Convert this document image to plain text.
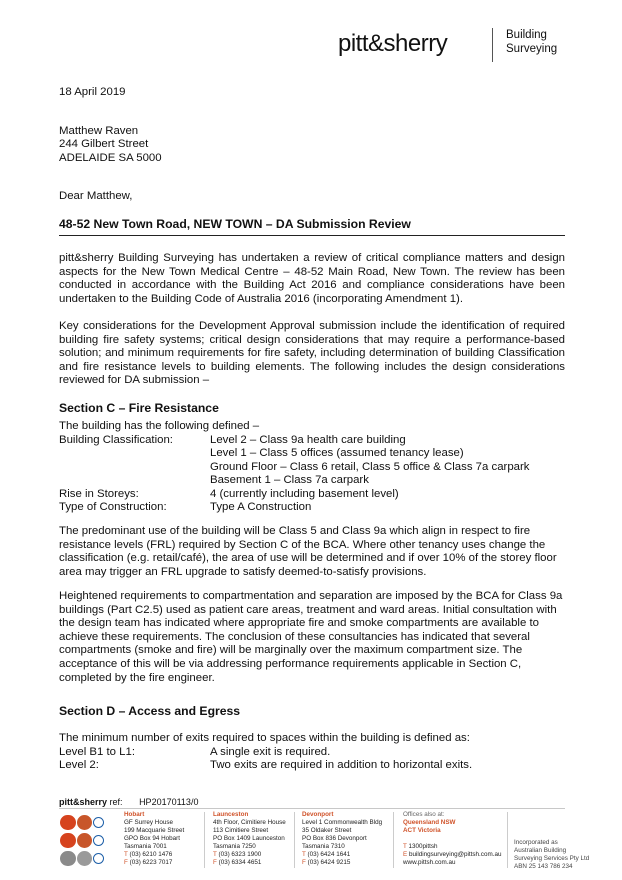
pitt&sherry	Building
Surveying
18 April 2019
Matthew Raven
244 Gilbert Street
ADELAIDE SA 5000
Dear Matthew,
48-52 New Town Road, NEW TOWN – DA Submission Review
pitt&sherry Building Surveying has undertaken a review of critical compliance matters and design aspects for the New Town Medical Centre – 48-52 Main Road, New Town. The review has been conducted in accordance with the Building Act 2016 and compliance considerations have been undertaken to the Building Code of Australia 2016 (incorporating Amendment 1).
Key considerations for the Development Approval submission include the identification of required building fire safety systems; critical design considerations that may require a performance-based solution; and minimum requirements for fire safety, including determination of building Classification and fire resistance levels to building elements. The following includes the design considerations reviewed for DA submission –
Section C – Fire Resistance
The building has the following defined –
Building Classification:	Level 2 – Class 9a health care building
Level 1 – Class 5 offices (assumed tenancy lease)
Ground Floor – Class 6 retail, Class 5 office & Class 7a carpark
Basement 1 – Class 7a carpark
Rise in Storeys:	4 (currently including basement level)
Type of Construction:	Type A Construction
The predominant use of the building will be Class 5 and Class 9a which align in respect to fire resistance levels (FRL) required by Section C of the BCA. Where other tenancy uses change the classification (e.g. retail/café), the area of use will be determined and if over 10% of the storey floor area may trigger an FRL upgrade to satisfy deemed-to-satisfy provisions.
Heightened requirements to compartmentation and separation are imposed by the BCA for Class 9a buildings (Part C2.5) used as patient care areas, treatment and ward areas. Initial consultation with the design team has indicated where appropriate fire and smoke compartments are available to achieve these requirements. The conclusion of these consultancies has indicated that several compartments (smoke and fire) will be marginally over the maximum compartment size. The acceptance of this will be via addressing performance requirements applicable in Section C, completed by the fire engineer.
Section D – Access and Egress
The minimum number of exits required to spaces within the building is defined as:
Level B1 to L1:	A single exit is required.
Level 2:	Two exits are required in addition to horizontal exits.
pitt&sherry ref: HP20170113/0
Hobart
GF Surrey House
199 Macquarie Street
GPO Box 94 Hobart
Tasmania 7001
T (03) 6210 1476
F (03) 6223 7017
Launceston
4th Floor, Cimitiere House
113 Cimitiere Street
PO Box 1409 Launceston
Tasmania 7250
T (03) 6323 1900
F (03) 6334 4651
Devonport
Level 1 Commonwealth Bldg
35 Oldaker Street
PO Box 836 Devonport
Tasmania 7310
T (03) 6424 1641
F (03) 6424 9215
Offices also at:
Queensland NSW
ACT Victoria

T 1300pittsh
E buildingsurveying@pittsh.com.au
www.pittsh.com.au
Incorporated as
Australian Building
Surveying Services Pty Ltd
ABN 25 143 786 234
